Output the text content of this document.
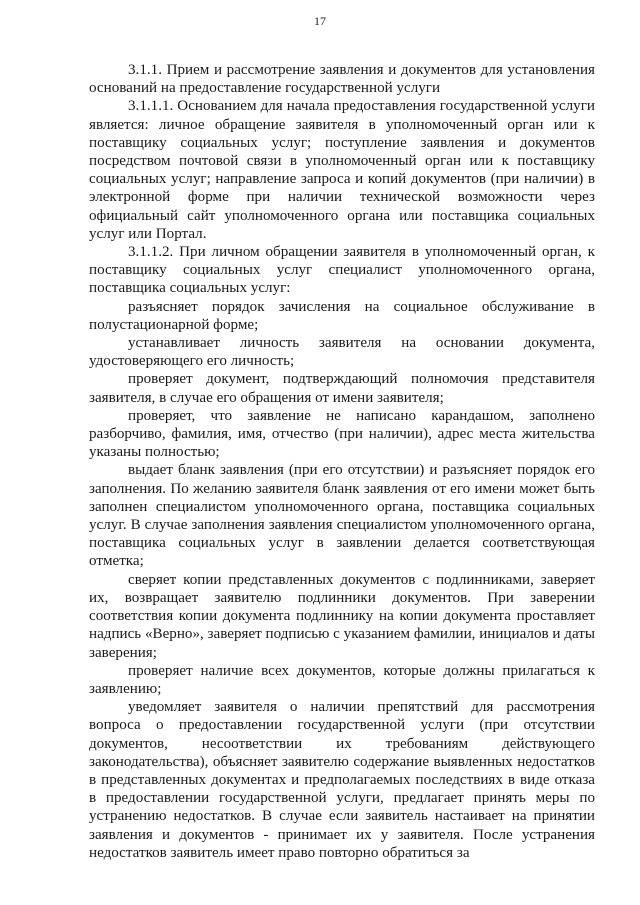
17

3.1.1. Прием и рассмотрение заявления и документов для установления оснований на предоставление государственной услуги

3.1.1.1. Основанием для начала предоставления государственной услуги является: личное обращение заявителя в уполномоченный орган или к поставщику социальных услуг; поступление заявления и документов посредством почтовой связи в уполномоченный орган или к поставщику социальных услуг; направление запроса и копий документов (при наличии) в электронной форме при наличии технической возможности через официальный сайт уполномоченного органа или поставщика социальных услуг или Портал.

3.1.1.2. При личном обращении заявителя в уполномоченный орган, к поставщику социальных услуг специалист уполномоченного органа, поставщика социальных услуг:

разъясняет порядок зачисления на социальное обслуживание в полустационарной форме;

устанавливает личность заявителя на основании документа, удостоверяющего его личность;

проверяет документ, подтверждающий полномочия представителя заявителя, в случае его обращения от имени заявителя;

проверяет, что заявление не написано карандашом, заполнено разборчиво, фамилия, имя, отчество (при наличии), адрес места жительства указаны полностью;

выдает бланк заявления (при его отсутствии) и разъясняет порядок его заполнения. По желанию заявителя бланк заявления от его имени может быть заполнен специалистом уполномоченного органа, поставщика социальных услуг. В случае заполнения заявления специалистом уполномоченного органа, поставщика социальных услуг в заявлении делается соответствующая отметка;

сверяет копии представленных документов с подлинниками, заверяет их, возвращает заявителю подлинники документов. При заверении соответствия копии документа подлиннику на копии документа проставляет надпись «Верно», заверяет подписью с указанием фамилии, инициалов и даты заверения;

проверяет наличие всех документов, которые должны прилагаться к заявлению;

уведомляет заявителя о наличии препятствий для рассмотрения вопроса о предоставлении государственной услуги (при отсутствии документов, несоответствии их требованиям действующего законодательства), объясняет заявителю содержание выявленных недостатков в представленных документах и предполагаемых последствиях в виде отказа в предоставлении государственной услуги, предлагает принять меры по устранению недостатков. В случае если заявитель настаивает на принятии заявления и документов - принимает их у заявителя. После устранения недостатков заявитель имеет право повторно обратиться за
